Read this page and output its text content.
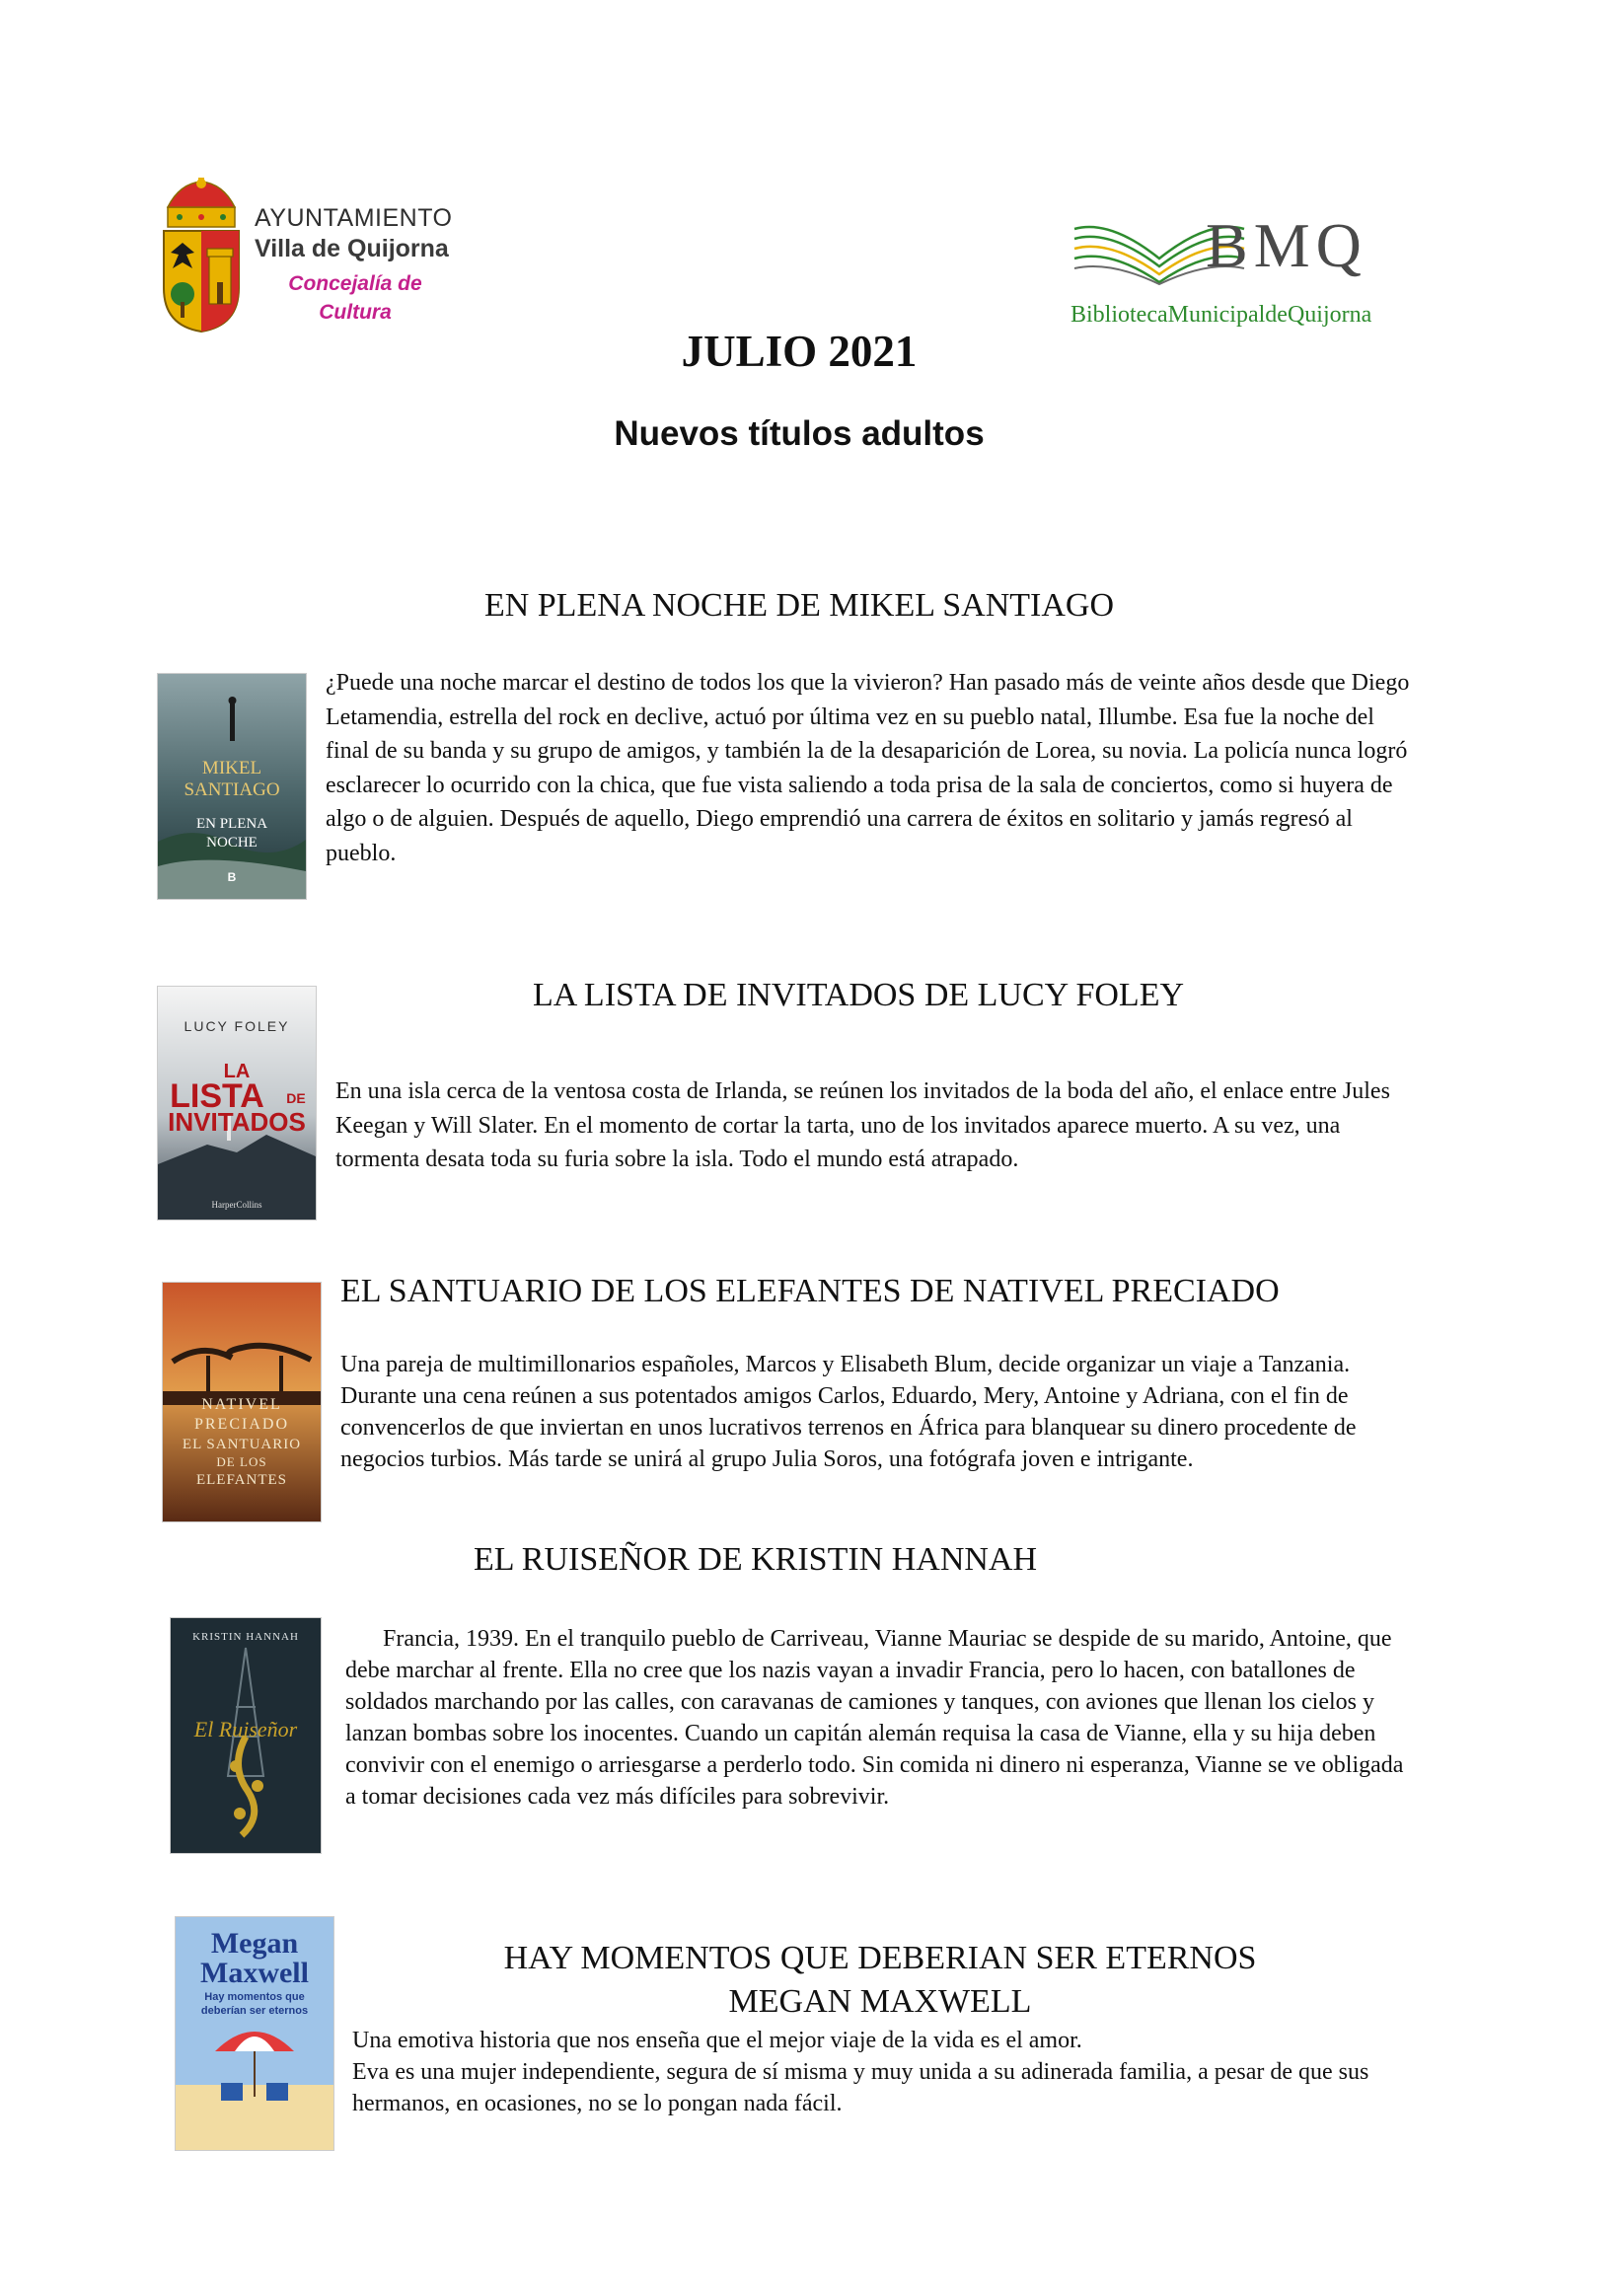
AYUNTAMIENTO
Villa de Quijorna
Concejalía de
Cultura
BMQ
BibliotecaMunicipaldeQuijorna
JULIO 2021
Nuevos títulos adultos
EN PLENA NOCHE DE MIKEL SANTIAGO
MIKEL
SANTIAGO
EN PLENA
NOCHE
B

¿Puede una noche marcar el destino de todos los que la vivieron? Han pasado más de veinte años desde que Diego Letamendia, estrella del rock en declive, actuó por última vez en su pueblo natal, Illumbe. Esa fue la noche del final de su banda y su grupo de amigos, y también la de la desaparición de Lorea, su novia. La policía nunca logró esclarecer lo ocurrido con la chica, que fue vista saliendo a toda prisa de la sala de conciertos, como si huyera de algo o de alguien. Después de aquello, Diego emprendió una carrera de éxitos en solitario y jamás regresó al pueblo.

LA LISTA DE INVITADOS DE LUCY FOLEY
LUCY FOLEY
LA
LISTA DE
INVITADOS
HarperCollins

En una isla cerca de la ventosa costa de Irlanda, se reúnen los invitados de la boda del año, el enlace entre Jules Keegan y Will Slater. En el momento de cortar la tarta, uno de los invitados aparece muerto. A su vez, una tormenta desata toda su furia sobre la isla. Todo el mundo está atrapado.

EL SANTUARIO DE LOS ELEFANTES DE NATIVEL PRECIADO
NATIVEL
PRECIADO
EL SANTUARIO
DE LOS
ELEFANTES

Una pareja de multimillonarios españoles, Marcos y Elisabeth Blum, decide organizar un viaje a Tanzania. Durante una cena reúnen a sus potentados amigos Carlos, Eduardo, Mery, Antoine y Adriana, con el fin de convencerlos de que inviertan en unos lucrativos terrenos en África para blanquear su dinero procedente de negocios turbios. Más tarde se unirá al grupo Julia Soros, una fotógrafa joven e intrigante.

EL RUISEÑOR DE KRISTIN HANNAH
KRISTIN HANNAH
El Ruiseñor

Francia, 1939. En el tranquilo pueblo de Carriveau, Vianne Mauriac se despide de su marido, Antoine, que debe marchar al frente. Ella no cree que los nazis vayan a invadir Francia, pero lo hacen, con batallones de soldados marchando por las calles, con caravanas de camiones y tanques, con aviones que llenan los cielos y lanzan bombas sobre los inocentes. Cuando un capitán alemán requisa la casa de Vianne, ella y su hija deben convivir con el enemigo o arriesgarse a perderlo todo. Sin comida ni dinero ni esperanza, Vianne se ve obligada a tomar decisiones cada vez más difíciles para sobrevivir.

HAY MOMENTOS QUE DEBERIAN SER ETERNOS
MEGAN MAXWELL
Megan
Maxwell
Hay momentos que
deberían ser eternos

Una emotiva historia que nos enseña que el mejor viaje de la vida es el amor.

Eva es una mujer independiente, segura de sí misma y muy unida a su adinerada familia, a pesar de que sus hermanos, en ocasiones, no se lo pongan nada fácil.
